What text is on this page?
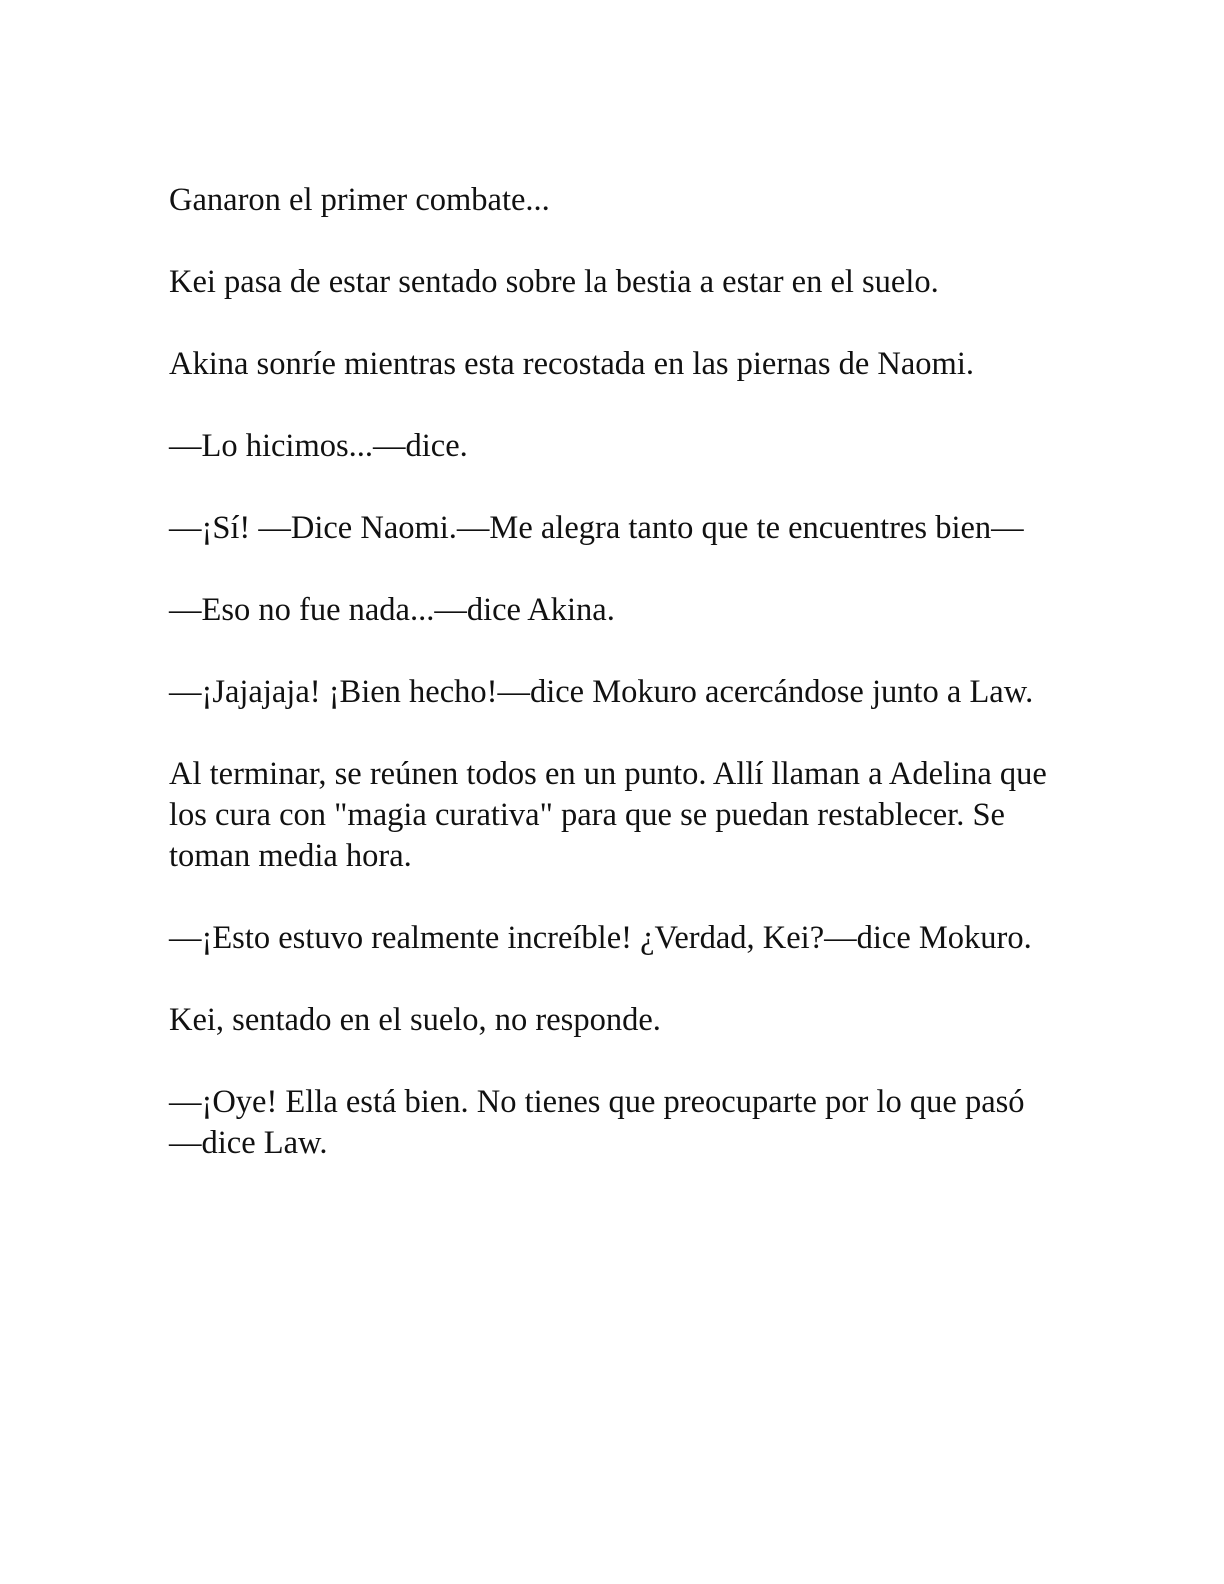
Ganaron el primer combate...

Kei pasa de estar sentado sobre la bestia a estar en el suelo.

Akina sonríe mientras esta recostada en las piernas de Naomi.

—Lo hicimos...—dice.

—¡Sí! —Dice Naomi.—Me alegra tanto que te encuentres bien—

—Eso no fue nada...—dice Akina.

—¡Jajajaja! ¡Bien hecho!—dice Mokuro acercándose junto a Law.

Al terminar, se reúnen todos en un punto. Allí llaman a Adelina que los cura con "magia curativa" para que se puedan restablecer. Se toman media hora.

—¡Esto estuvo realmente increíble! ¿Verdad, Kei?—dice Mokuro.

Kei, sentado en el suelo, no responde.

—¡Oye! Ella está bien. No tienes que preocuparte por lo que pasó—dice Law.
